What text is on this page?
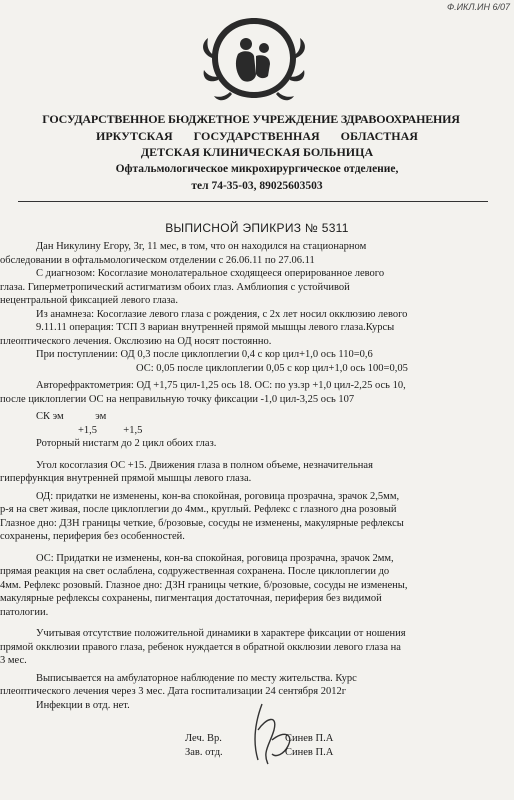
Ф.ИКЛ.ИН 6/07
ГОСУДАРСТВЕННОЕ БЮДЖЕТНОЕ УЧРЕЖДЕНИЕ ЗДРАВООХРАНЕНИЯ
ИРКУТСКАЯ ГОСУДАРСТВЕННАЯ ОБЛАСТНАЯ
ДЕТСКАЯ КЛИНИЧЕСКАЯ БОЛЬНИЦА
Офтальмологическое микрохирургическое отделение,
тел 74-35-03, 89025603503
ВЫПИСНОЙ ЭПИКРИЗ № 5311

Дан Никулину Егору, 3г, 11 мес, в том, что он находился на стационарном

обследовании в офтальмологическом отделении с 26.06.11 по 27.06.11

С диагнозом: Косоглазие монолатеральное сходящееся оперированное левого

глаза. Гиперметропический астигматизм обоих глаз. Амблиопия с устойчивой

нецентральной фиксацией левого глаза.

Из анамнеза: Косоглазие левого глаза с рождения, с 2х лет носил окклюзию левого

9.11.11 операция: ТСП 3 вариан внутренней прямой мышцы левого глаза.Курсы

плеоптического лечения. Окслюзию на ОД носят постоянно.

При поступлении: ОД 0,3 после циклоплегии 0,4 с кор цил+1,0 ось 110=0,6

ОС: 0,05 после циклоплегии 0,05 с кор цил+1,0 ось 100=0,05

Авторефрактометрия: ОД +1,75 цил-1,25 ось 18. ОС: по уз.зр +1,0 цил-2,25 ось 10,

после циклоплегии ОС на неправильную точку фиксации -1,0 цил-3,25 ось 107

СК эм            эм

+1,5          +1,5

Роторный нистагм до 2 цикл обоих глаз.

Угол косоглазия ОС +15. Движения глаза в полном объеме, незначительная

гиперфункция внутренней прямой мышцы левого глаза.

ОД: придатки не изменены, кон-ва спокойная, роговица прозрачна, зрачок 2,5мм,

р-я на свет живая, после циклоплегии до 4мм., круглый. Рефлекс с глазного дна розовый

Глазное дно: ДЗН границы четкие, б/розовые, сосуды не изменены, макулярные рефлексы

сохранены, периферия без особенностей.

ОС: Придатки не изменены, кон-ва спокойная, роговица прозрачна, зрачок 2мм,

прямая реакция на свет ослаблена, содружественная сохранена. После циклоплегии до

4мм. Рефлекс розовый. Глазное дно: ДЗН границы четкие, б/розовые, сосуды не изменены,

макулярные рефлексы сохранены, пигментация достаточная, периферия без видимой

патологии.

Учитывая отсутствие положительной динамики в характере фиксации от ношения

прямой окклюзии правого глаза, ребенок нуждается в обратной окклюзии левого глаза на

3 мес.

Выписывается на амбулаторное наблюдение по месту жительства. Курс

плеоптического лечения через 3 мес. Дата госпитализации 24 сентября 2012г

Инфекции в отд. нет.

Леч. Вр.	Синев П.А
Зав. отд.	Синев П.А
